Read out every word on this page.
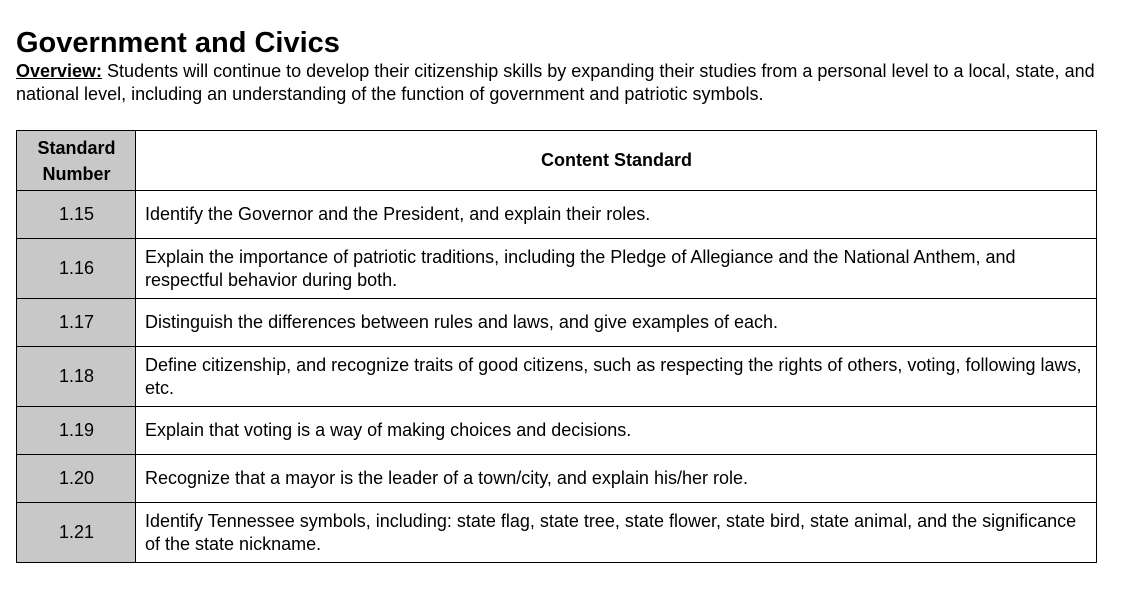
Government and Civics

Overview: Students will continue to develop their citizenship skills by expanding their studies from a personal level to a local, state, and national level, including an understanding of the function of government and patriotic symbols.

Standard
Number	Content Standard
1.15	Identify the Governor and the President, and explain their roles.
1.16	Explain the importance of patriotic traditions, including the Pledge of Allegiance and the National Anthem, and respectful behavior during both.
1.17	Distinguish the differences between rules and laws, and give examples of each.
1.18	Define citizenship, and recognize traits of good citizens, such as respecting the rights of others, voting, following laws, etc.
1.19	Explain that voting is a way of making choices and decisions.
1.20	Recognize that a mayor is the leader of a town/city, and explain his/her role.
1.21	Identify Tennessee symbols, including: state flag, state tree, state flower, state bird, state animal, and the significance of the state nickname.
